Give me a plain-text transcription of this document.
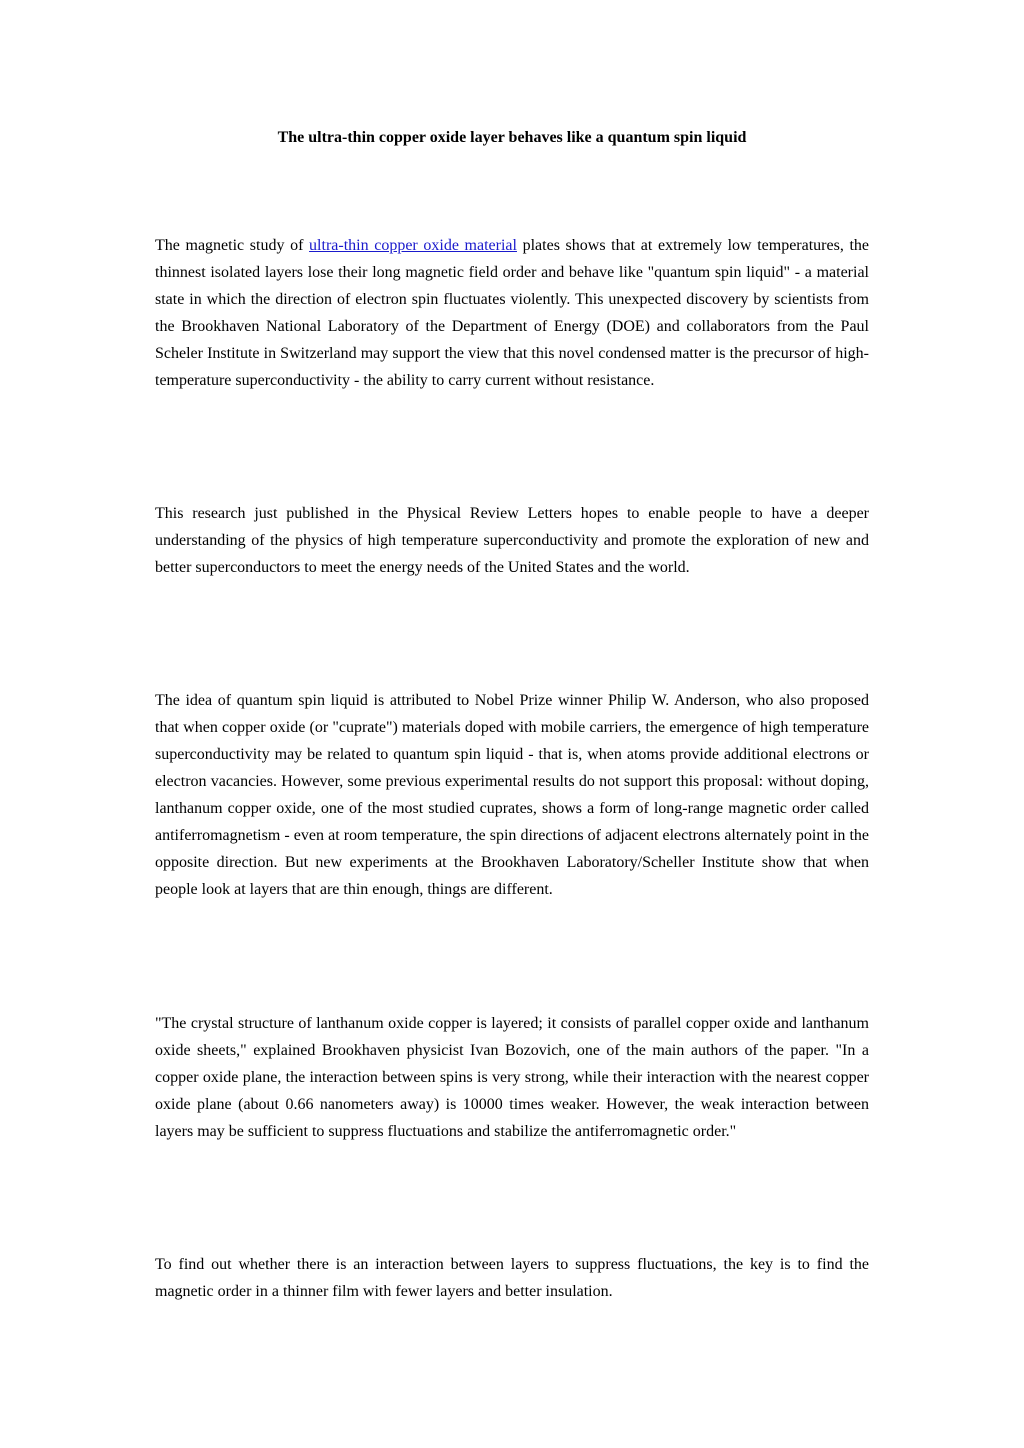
The ultra-thin copper oxide layer behaves like a quantum spin liquid

The magnetic study of ultra-thin copper oxide material plates shows that at extremely low temperatures, the thinnest isolated layers lose their long magnetic field order and behave like "quantum spin liquid" - a material state in which the direction of electron spin fluctuates violently. This unexpected discovery by scientists from the Brookhaven National Laboratory of the Department of Energy (DOE) and collaborators from the Paul Scheler Institute in Switzerland may support the view that this novel condensed matter is the precursor of high-temperature superconductivity - the ability to carry current without resistance.

This research just published in the Physical Review Letters hopes to enable people to have a deeper understanding of the physics of high temperature superconductivity and promote the exploration of new and better superconductors to meet the energy needs of the United States and the world.

The idea of quantum spin liquid is attributed to Nobel Prize winner Philip W. Anderson, who also proposed that when copper oxide (or "cuprate") materials doped with mobile carriers, the emergence of high temperature superconductivity may be related to quantum spin liquid - that is, when atoms provide additional electrons or electron vacancies. However, some previous experimental results do not support this proposal: without doping, lanthanum copper oxide, one of the most studied cuprates, shows a form of long-range magnetic order called antiferromagnetism - even at room temperature, the spin directions of adjacent electrons alternately point in the opposite direction. But new experiments at the Brookhaven Laboratory/Scheller Institute show that when people look at layers that are thin enough, things are different.

"The crystal structure of lanthanum oxide copper is layered; it consists of parallel copper oxide and lanthanum oxide sheets," explained Brookhaven physicist Ivan Bozovich, one of the main authors of the paper. "In a copper oxide plane, the interaction between spins is very strong, while their interaction with the nearest copper oxide plane (about 0.66 nanometers away) is 10000 times weaker. However, the weak interaction between layers may be sufficient to suppress fluctuations and stabilize the antiferromagnetic order."

To find out whether there is an interaction between layers to suppress fluctuations, the key is to find the magnetic order in a thinner film with fewer layers and better insulation.
